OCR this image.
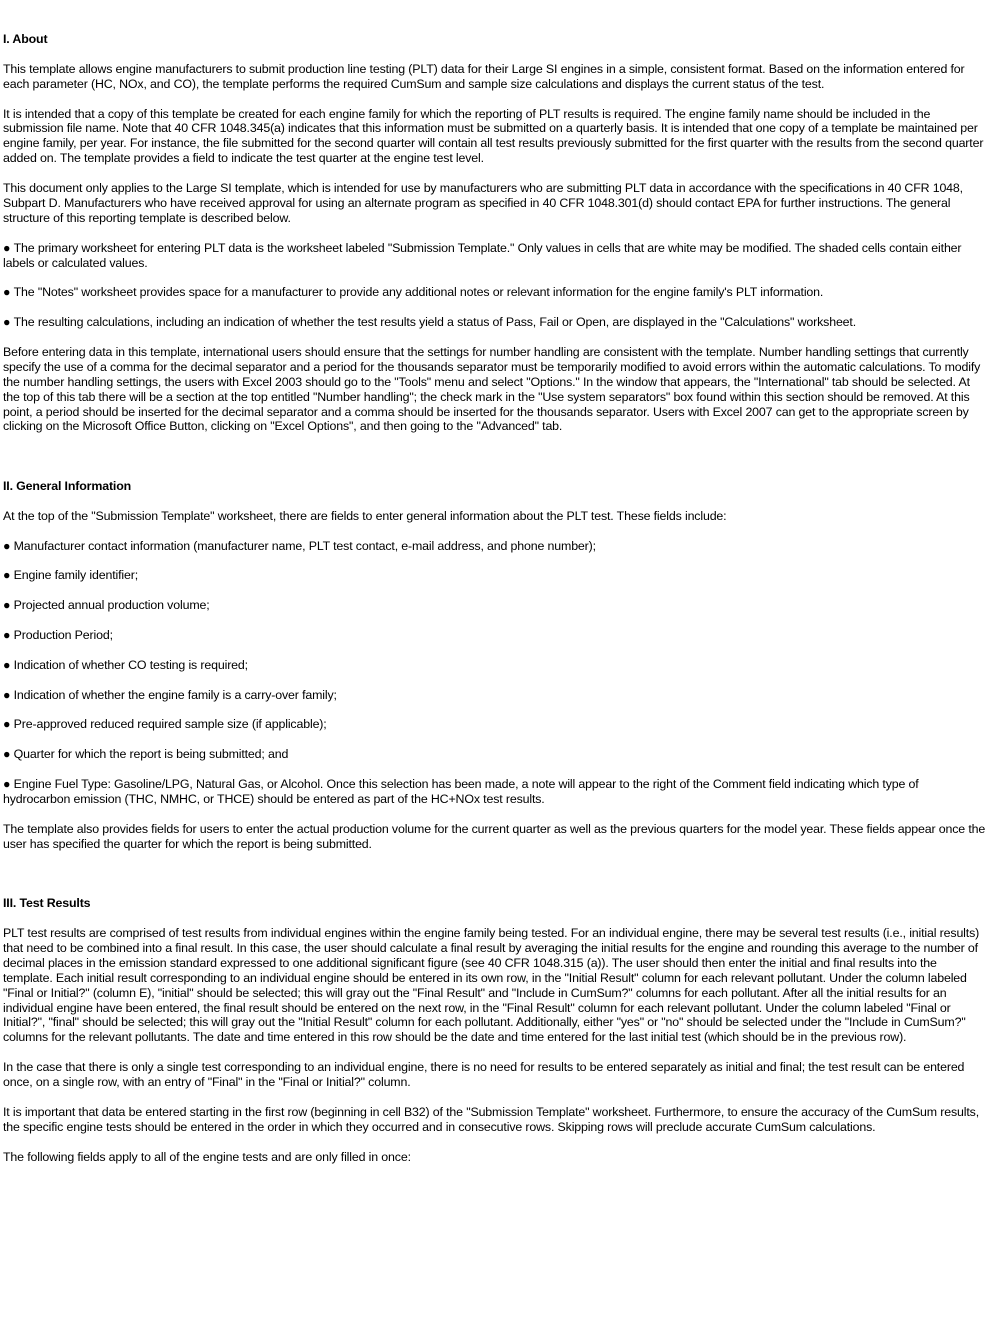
I. About

This template allows engine manufacturers to submit production line testing (PLT) data for their Large SI engines in a simple, consistent format. Based on the information entered for each parameter (HC, NOx, and CO), the template performs the required CumSum and sample size calculations and displays the current status of the test.

It is intended that a copy of this template be created for each engine family for which the reporting of PLT results is required. The engine family name should be included in the submission file name. Note that 40 CFR 1048.345(a) indicates that this information must be submitted on a quarterly basis. It is intended that one copy of a template be maintained per engine family, per year. For instance, the file submitted for the second quarter will contain all test results previously submitted for the first quarter with the results from the second quarter added on. The template provides a field to indicate the test quarter at the engine test level.

This document only applies to the Large SI template, which is intended for use by manufacturers who are submitting PLT data in accordance with the specifications in 40 CFR 1048, Subpart D. Manufacturers who have received approval for using an alternate program as specified in 40 CFR 1048.301(d) should contact EPA for further instructions. The general structure of this reporting template is described below.

● The primary worksheet for entering PLT data is the worksheet labeled "Submission Template." Only values in cells that are white may be modified. The shaded cells contain either labels or calculated values.

● The "Notes" worksheet provides space for a manufacturer to provide any additional notes or relevant information for the engine family's PLT information.

● The resulting calculations, including an indication of whether the test results yield a status of Pass, Fail or Open, are displayed in the "Calculations" worksheet.

Before entering data in this template, international users should ensure that the settings for number handling are consistent with the template. Number handling settings that currently specify the use of a comma for the decimal separator and a period for the thousands separator must be temporarily modified to avoid errors within the automatic calculations. To modify the number handling settings, the users with Excel 2003 should go to the "Tools" menu and select "Options." In the window that appears, the "International" tab should be selected. At the top of this tab there will be a section at the top entitled "Number handling"; the check mark in the "Use system separators" box found within this section should be removed. At this point, a period should be inserted for the decimal separator and a comma should be inserted for the thousands separator. Users with Excel 2007 can get to the appropriate screen by clicking on the Microsoft Office Button, clicking on "Excel Options", and then going to the "Advanced" tab.

II. General Information

At the top of the "Submission Template" worksheet, there are fields to enter general information about the PLT test. These fields include:

● Manufacturer contact information (manufacturer name, PLT test contact, e-mail address, and phone number);

● Engine family identifier;

● Projected annual production volume;

● Production Period;

● Indication of whether CO testing is required;

● Indication of whether the engine family is a carry-over family;

● Pre-approved reduced required sample size (if applicable);

● Quarter for which the report is being submitted; and

● Engine Fuel Type: Gasoline/LPG, Natural Gas, or Alcohol. Once this selection has been made, a note will appear to the right of the Comment field indicating which type of hydrocarbon emission (THC, NMHC, or THCE) should be entered as part of the HC+NOx test results.

The template also provides fields for users to enter the actual production volume for the current quarter as well as the previous quarters for the model year. These fields appear once the user has specified the quarter for which the report is being submitted.

III. Test Results

PLT test results are comprised of test results from individual engines within the engine family being tested. For an individual engine, there may be several test results (i.e., initial results) that need to be combined into a final result. In this case, the user should calculate a final result by averaging the initial results for the engine and rounding this average to the number of decimal places in the emission standard expressed to one additional significant figure (see 40 CFR 1048.315 (a)). The user should then enter the initial and final results into the template. Each initial result corresponding to an individual engine should be entered in its own row, in the "Initial Result" column for each relevant pollutant. Under the column labeled "Final or Initial?" (column E), "initial" should be selected; this will gray out the "Final Result" and "Include in CumSum?" columns for each pollutant. After all the initial results for an individual engine have been entered, the final result should be entered on the next row, in the "Final Result" column for each relevant pollutant. Under the column labeled "Final or Initial?", "final" should be selected; this will gray out the "Initial Result" column for each pollutant. Additionally, either "yes" or "no" should be selected under the "Include in CumSum?" columns for the relevant pollutants. The date and time entered in this row should be the date and time entered for the last initial test (which should be in the previous row).

In the case that there is only a single test corresponding to an individual engine, there is no need for results to be entered separately as initial and final; the test result can be entered once, on a single row, with an entry of "Final" in the "Final or Initial?" column.

It is important that data be entered starting in the first row (beginning in cell B32) of the "Submission Template" worksheet. Furthermore, to ensure the accuracy of the CumSum results, the specific engine tests should be entered in the order in which they occurred and in consecutive rows. Skipping rows will preclude accurate CumSum calculations.

The following fields apply to all of the engine tests and are only filled in once:
